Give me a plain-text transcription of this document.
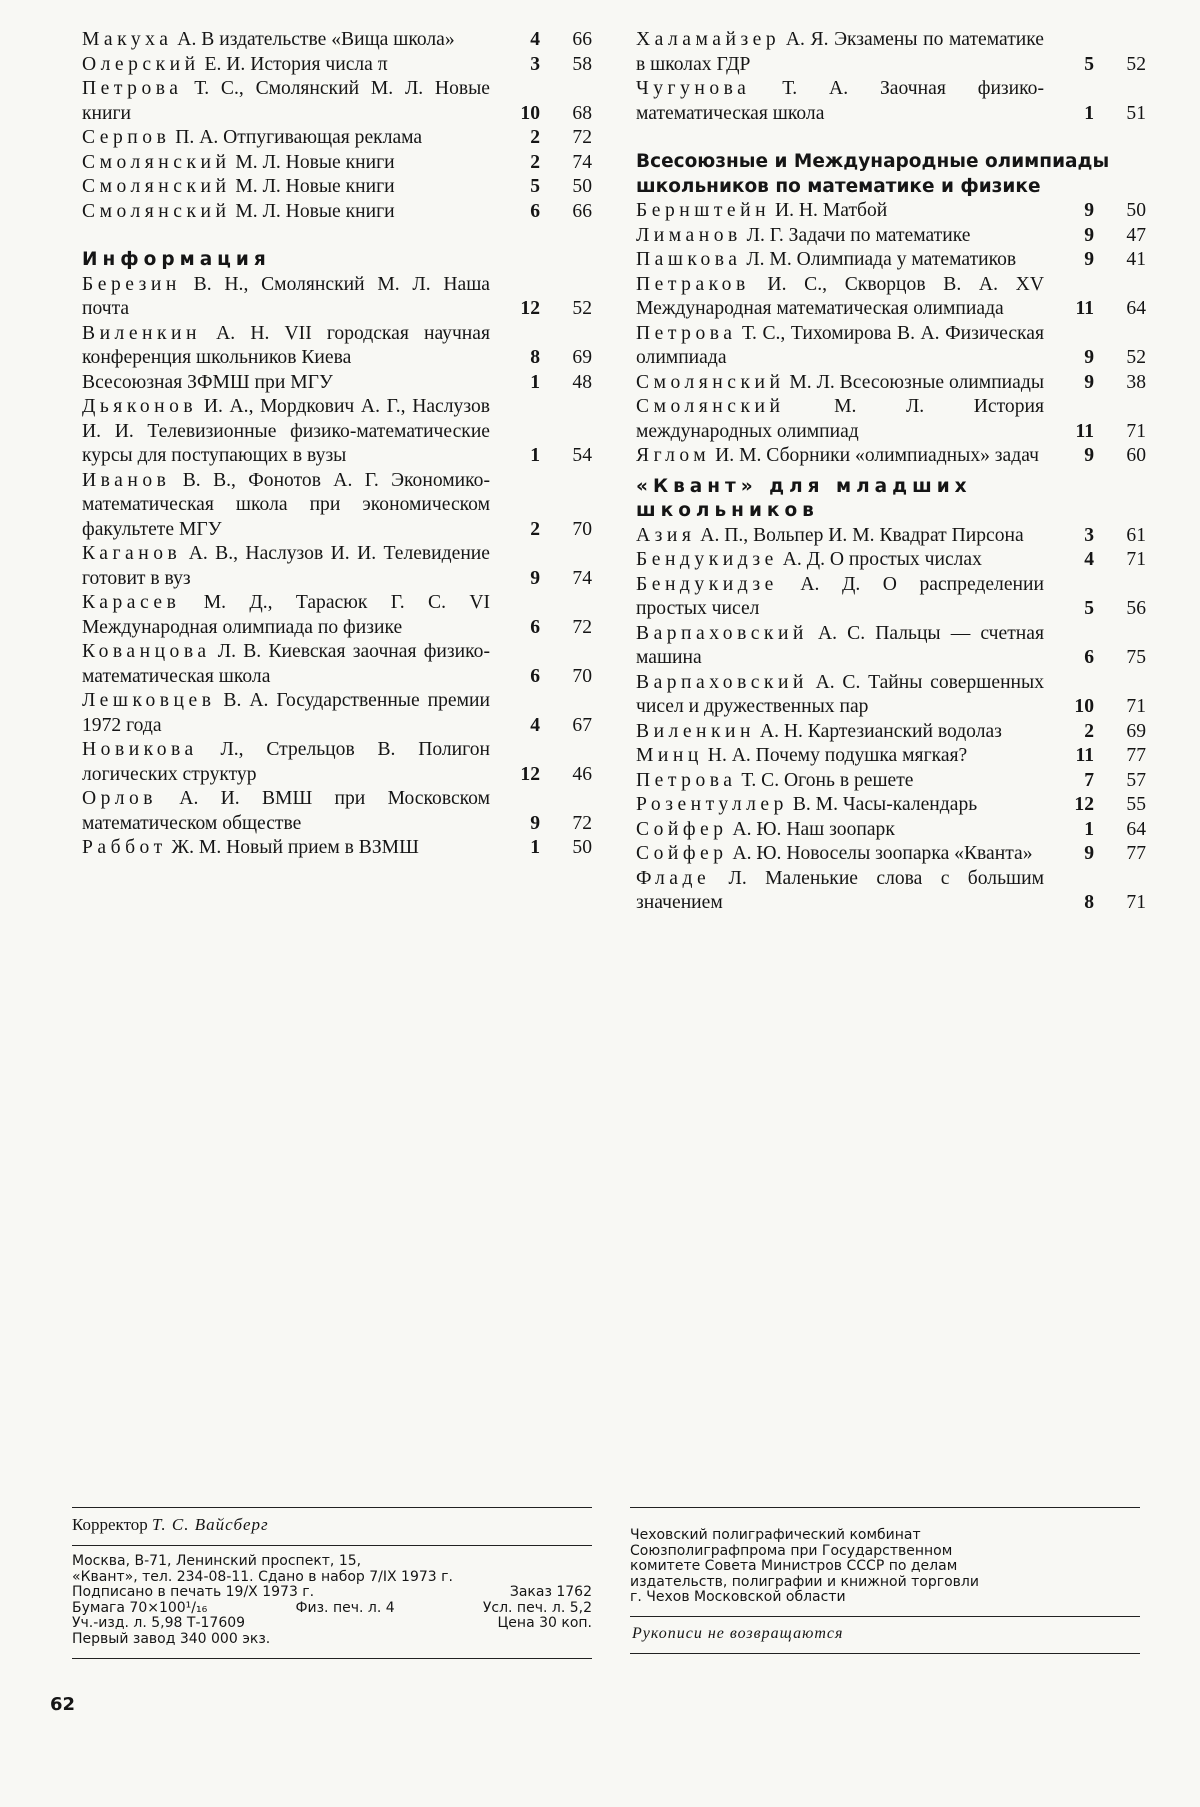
Макуха А. В издательстве «Вища школа»	4	66
Олерский Е. И. История числа π	3	58
Петрова Т. С., Смолянский М. Л. Новые книги	10	68
Серпов П. А. Отпугивающая реклама	2	72
Смолянский М. Л. Новые книги	2	74
Смолянский М. Л. Новые книги	5	50
Смолянский М. Л. Новые книги	6	66
Информация
Березин В. Н., Смолянский М. Л. Наша почта	12	52
Виленкин А. Н. VII городская научная конференция школьников Киева	8	69
Всесоюзная ЗФМШ при МГУ	1	48
Дьяконов И. А., Мордкович А. Г., Наслузов И. И. Телевизионные физико-математические курсы для поступающих в вузы	1	54
Иванов В. В., Фонотов А. Г. Экономико-математическая школа при экономическом факультете МГУ	2	70
Каганов А. В., Наслузов И. И. Телевидение готовит в вуз	9	74
Карасев М. Д., Тарасюк Г. С. VI Международная олимпиада по физике	6	72
Кованцова Л. В. Киевская заочная физико-математическая школа	6	70
Лешковцев В. А. Государственные премии 1972 года	4	67
Новикова Л., Стрельцов В. Полигон логических структур	12	46
Орлов А. И. ВМШ при Московском математическом обществе	9	72
Раббот Ж. М. Новый прием в ВЗМШ	1	50
Халамайзер А. Я. Экзамены по математике в школах ГДР	5	52
Чугунова Т. А. Заочная физико-математическая школа	1	51
Всесоюзные и Международные олимпиады школьников по математике и физике
Бернштейн И. Н. Матбой	9	50
Лиманов Л. Г. Задачи по математике	9	47
Пашкова Л. М. Олимпиада у математиков	9	41
Петраков И. С., Скворцов В. А. XV Международная математическая олимпиада	11	64
Петрова Т. С., Тихомирова В. А. Физическая олимпиада	9	52
Смолянский М. Л. Всесоюзные олимпиады	9	38
Смолянский М. Л. История международных олимпиад	11	71
Яглом И. М. Сборники «олимпиадных» задач	9	60
«Квант» для младших школьников
Азия А. П., Вольпер И. М. Квадрат Пирсона	3	61
Бендукидзе А. Д. О простых числах	4	71
Бендукидзе А. Д. О распределении простых чисел	5	56
Варпаховский А. С. Пальцы — счетная машина	6	75
Варпаховский А. С. Тайны совершенных чисел и дружественных пар	10	71
Виленкин А. Н. Картезианский водолаз	2	69
Минц Н. А. Почему подушка мягкая?	11	77
Петрова Т. С. Огонь в решете	7	57
Розентуллер В. М. Часы-календарь	12	55
Сойфер А. Ю. Наш зоопарк	1	64
Сойфер А. Ю. Новоселы зоопарка «Кванта»	9	77
Фладе Л. Маленькие слова с большим значением	8	71
Корректор Т. С. Вайсберг
Москва, В-71, Ленинский проспект, 15,
«Квант», тел. 234-08-11. Сдано в набор 7/IX 1973 г.
Подписано в печать 19/X 1973 г.	Заказ 1762
Бумага 70×100¹/₁₆	Физ. печ. л. 4	Усл. печ. л. 5,2
Уч.-изд. л. 5,98 Т-17609	Цена 30 коп.
Первый завод 340 000 экз.
Чеховский полиграфический комбинат
Союзполиграфпрома при Государственном
комитете Совета Министров СССР по делам
издательств, полиграфии и книжной торговли
г. Чехов Московской области
Рукописи не возвращаются
62
